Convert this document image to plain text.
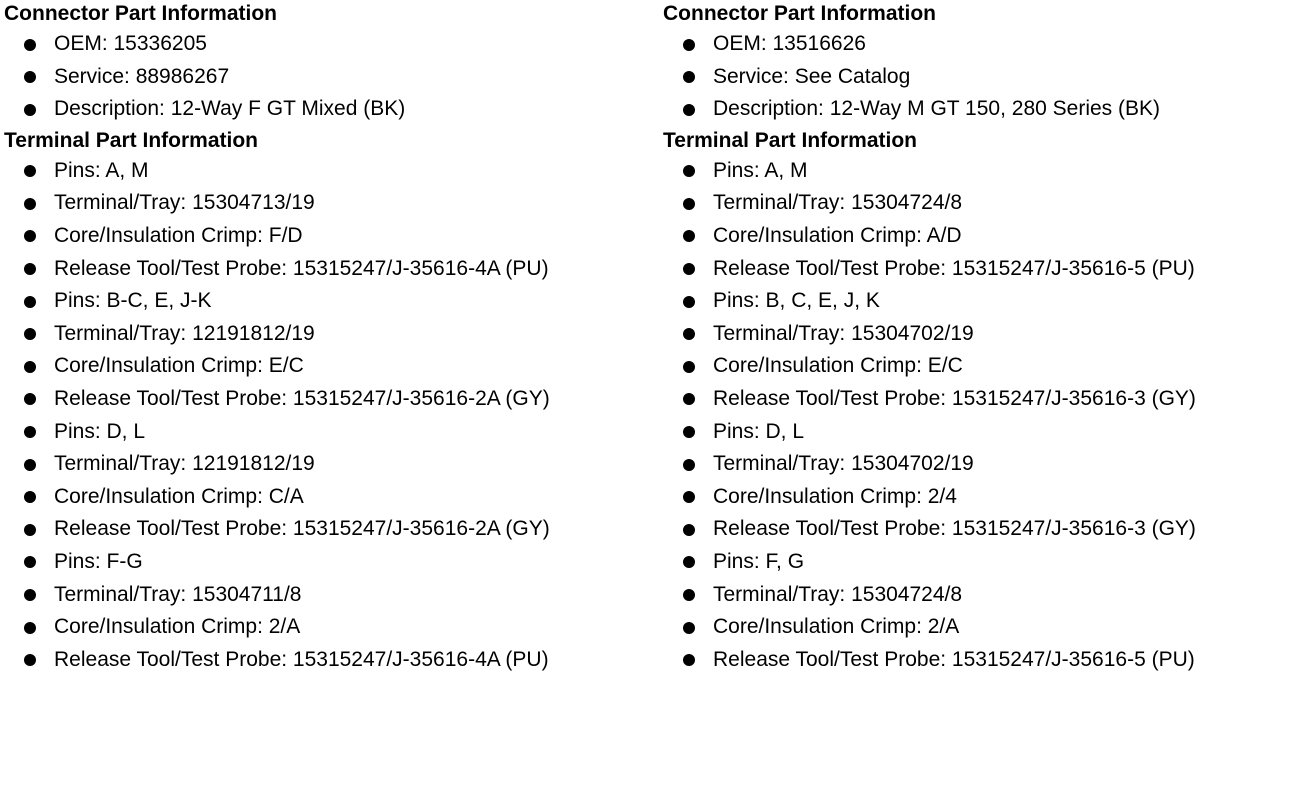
Connector Part Information
OEM: 15336205
Service: 88986267
Description: 12-Way F GT Mixed (BK)
Terminal Part Information
Pins: A, M
Terminal/Tray: 15304713/19
Core/Insulation Crimp: F/D
Release Tool/Test Probe: 15315247/J-35616-4A (PU)
Pins: B-C, E, J-K
Terminal/Tray: 12191812/19
Core/Insulation Crimp: E/C
Release Tool/Test Probe: 15315247/J-35616-2A (GY)
Pins: D, L
Terminal/Tray: 12191812/19
Core/Insulation Crimp: C/A
Release Tool/Test Probe: 15315247/J-35616-2A (GY)
Pins: F-G
Terminal/Tray: 15304711/8
Core/Insulation Crimp: 2/A
Release Tool/Test Probe: 15315247/J-35616-4A (PU)
Connector Part Information
OEM: 13516626
Service: See Catalog
Description: 12-Way M GT 150, 280 Series (BK)
Terminal Part Information
Pins: A, M
Terminal/Tray: 15304724/8
Core/Insulation Crimp: A/D
Release Tool/Test Probe: 15315247/J-35616-5 (PU)
Pins: B, C, E, J, K
Terminal/Tray: 15304702/19
Core/Insulation Crimp: E/C
Release Tool/Test Probe: 15315247/J-35616-3 (GY)
Pins: D, L
Terminal/Tray: 15304702/19
Core/Insulation Crimp: 2/4
Release Tool/Test Probe: 15315247/J-35616-3 (GY)
Pins: F, G
Terminal/Tray: 15304724/8
Core/Insulation Crimp: 2/A
Release Tool/Test Probe: 15315247/J-35616-5 (PU)
